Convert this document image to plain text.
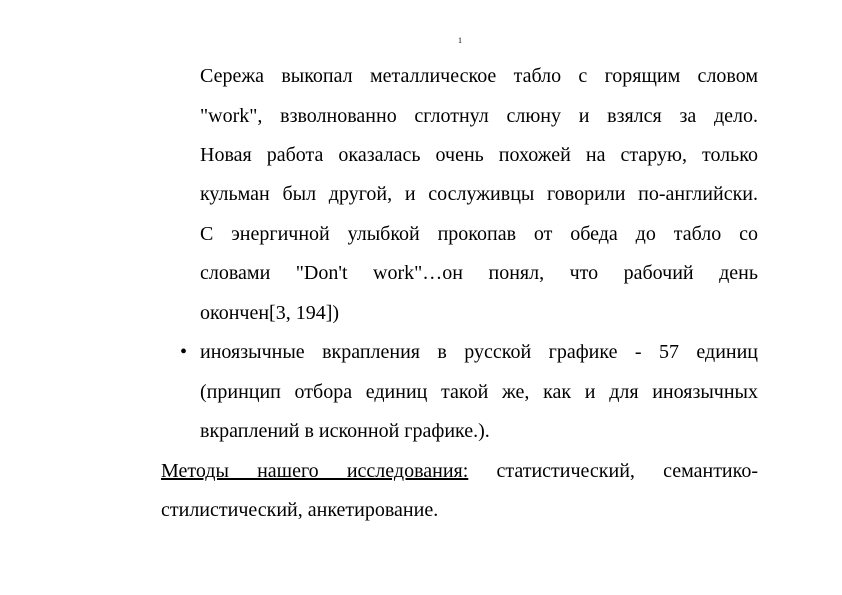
1
Сережа выкопал металлическое табло с горящим словом
"work", взволнованно сглотнул слюну и взялся за дело.
Новая работа оказалась очень похожей на старую, только
кульман был другой, и сослуживцы говорили по-английски.
С энергичной улыбкой прокопав от обеда до табло со
словами "Don't work"…он понял, что рабочий день
окончен[3, 194])
• иноязычные вкрапления в русской графике - 57 единиц
(принцип отбора единиц такой же, как и для иноязычных
вкраплений в исконной графике.).
Методы нашего исследования: статистический, семантико-
стилистический, анкетирование.
